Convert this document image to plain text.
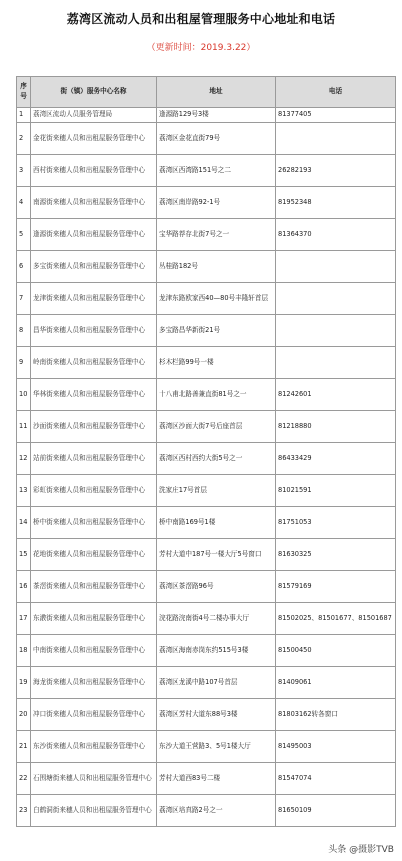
荔湾区流动人员和出租屋管理服务中心地址和电话
（更新时间：2019.3.22）
序号	街（镇）服务中心名称	地址	电话
1	荔湾区流动人员服务管理局	逢源路129号3楼	81377405
2	金花街来穗人员和出租屋服务管理中心	荔湾区金花直街79号	
3	西村街来穗人员和出租屋服务管理中心	荔湾区西湾路151号之二	26282193
4	南源街来穗人员和出租屋服务管理中心	荔湾区南岸路92-1号	81952348
5	逢源街来穗人员和出租屋服务管理中心	宝华路荐存北街7号之一	81364370
6	多宝街来穗人员和出租屋服务管理中心	丛桂路182号	
7	龙津街来穗人员和出租屋服务管理中心	龙津东路欧家西40—80号丰隆轩首层	
8	昌华街来穗人员和出租屋服务管理中心	多宝路昌华新街21号	
9	岭南街来穗人员和出租屋服务管理中心	杉木栏路99号一楼	
10	华林街来穗人员和出租屋服务管理中心	十八甫北路善兼直街81号之一	81242601
11	沙面街来穗人员和出租屋服务管理中心	荔湾区沙面大街7号后座首层	81218880
12	站前街来穗人员和出租屋服务管理中心	荔湾区西村西约大街5号之一	86433429
13	彩虹街来穗人员和出租屋服务管理中心	洗家庄17号首层	81021591
14	桥中街来穗人员和出租屋服务管理中心	桥中南路169号1楼	81751053
15	花地街来穗人员和出租屋服务管理中心	芳村大道中187号一楼大厅5号窗口	81630325
16	茶滘街来穗人员和出租屋服务管理中心	荔湾区茶滘路96号	81579169
17	东漖街来穗人员和出租屋服务管理中心	浣花路浣南街4号二楼办事大厅	81502025、81501677、81501687
18	中南街来穗人员和出租屋服务管理中心	荔湾区海南赤岗东约515号3楼	81500450
19	海龙街来穗人员和出租屋服务管理中心	荔湾区龙溪中路107号首层	81409061
20	冲口街来穗人员和出租屋服务管理中心	荔湾区芳村大道东88号3楼	81803162转各窗口
21	东沙街来穗人员和出租屋服务管理中心	东沙大道王营路3、5号1楼大厅	81495003
22	石围塘街来穗人员和出租屋服务管理中心	芳村大道西83号二楼	81547074
23	白鹤洞街来穗人员和出租屋服务管理中心	荔湾区培真路2号之一	81650109
头条 @摄影TVB
